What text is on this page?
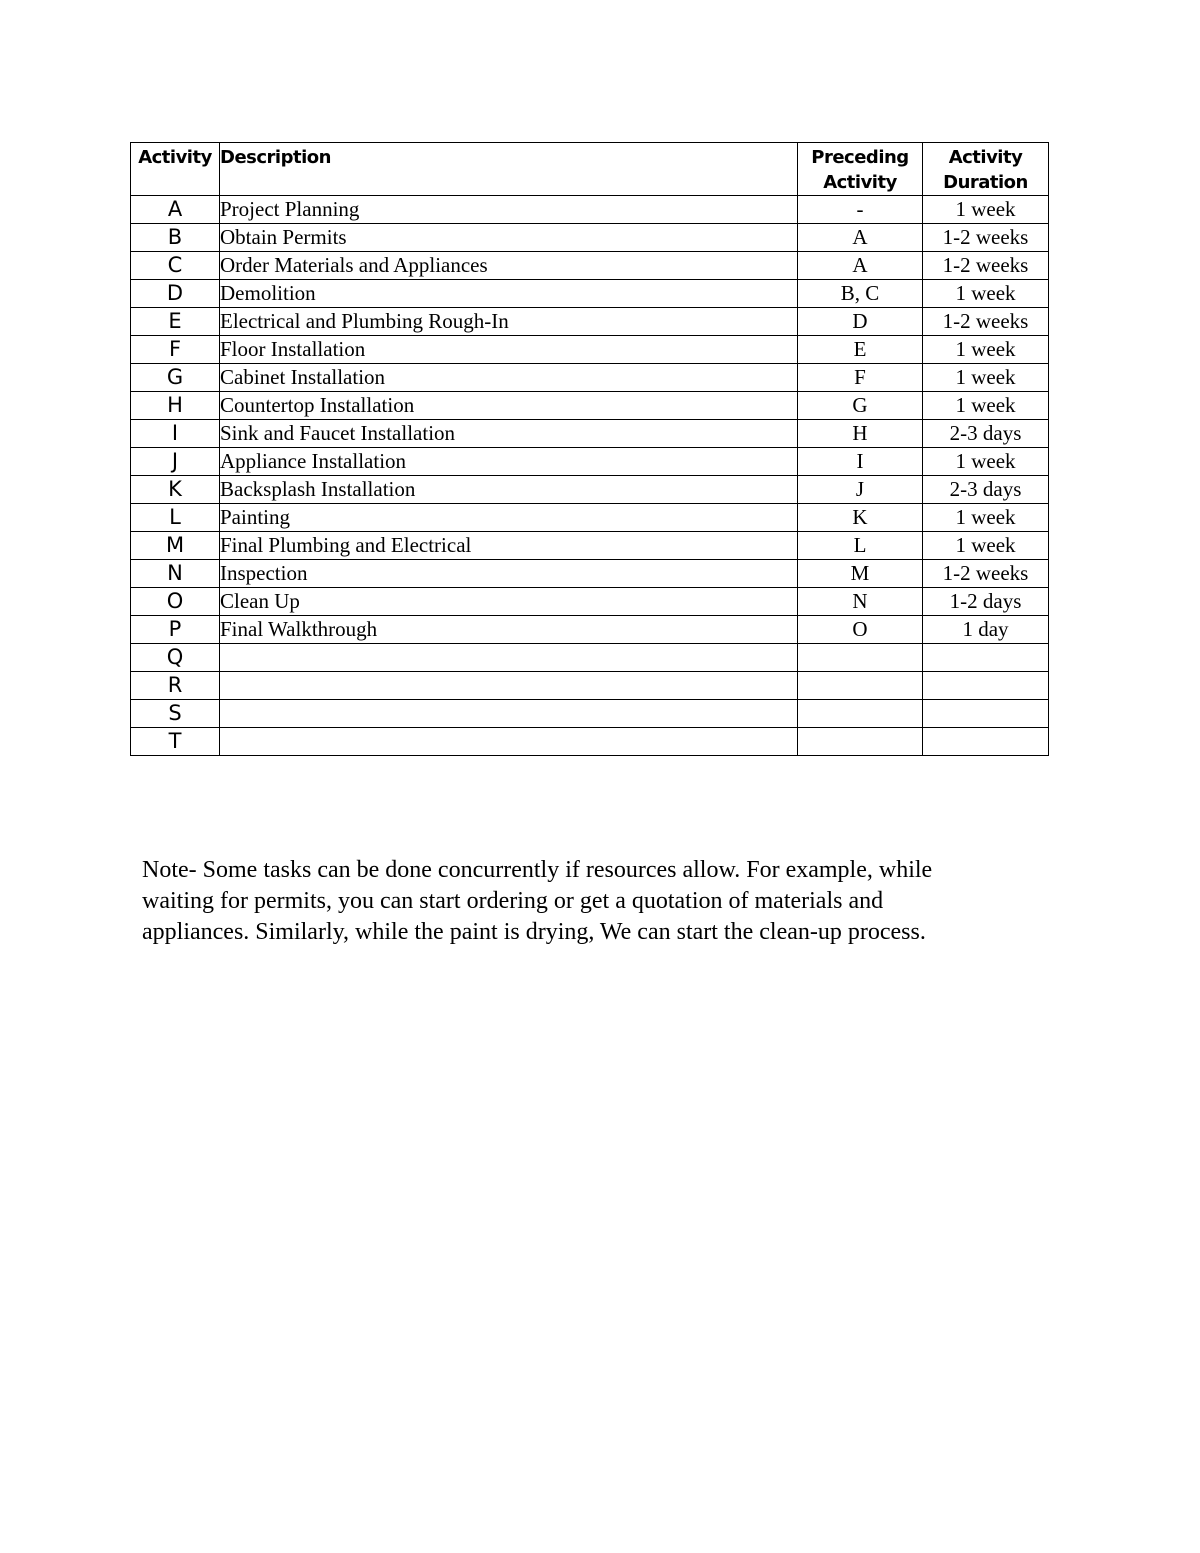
Activity	Description	Preceding Activity	Activity Duration
A	Project Planning	-	1 week
B	Obtain Permits	A	1-2 weeks
C	Order Materials and Appliances	A	1-2 weeks
D	Demolition	B, C	1 week
E	Electrical and Plumbing Rough-In	D	1-2 weeks
F	Floor Installation	E	1 week
G	Cabinet Installation	F	1 week
H	Countertop Installation	G	1 week
I	Sink and Faucet Installation	H	2-3 days
J	Appliance Installation	I	1 week
K	Backsplash Installation	J	2-3 days
L	Painting	K	1 week
M	Final Plumbing and Electrical	L	1 week
N	Inspection	M	1-2 weeks
O	Clean Up	N	1-2 days
P	Final Walkthrough	O	1 day
Q			
R			
S			
T			
Note- Some tasks can be done concurrently if resources allow. For example, while
waiting for permits, you can start ordering or get a quotation of materials and
appliances. Similarly, while the paint is drying, We can start the clean-up process.
